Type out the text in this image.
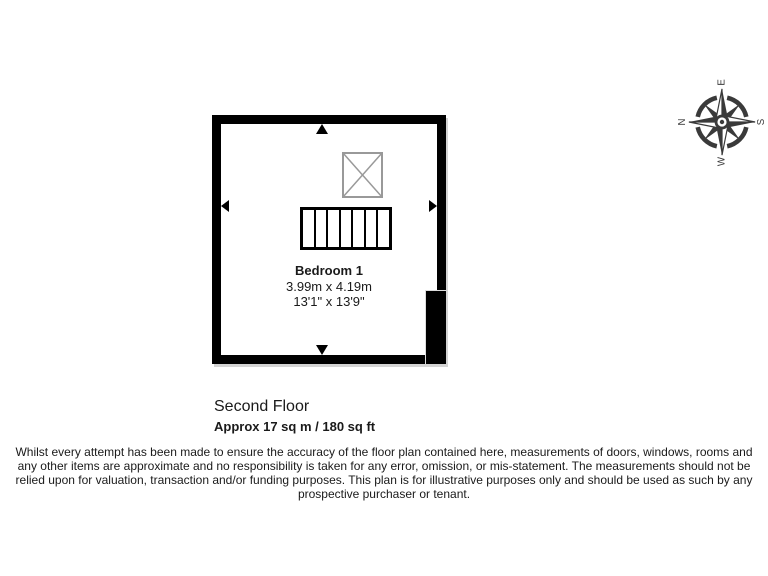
E
N	S
W
Bedroom 1
3.99m x 4.19m
13'1" x 13'9"
Second Floor
Approx 17 sq m / 180 sq ft
Whilst every attempt has been made to ensure the accuracy of the floor plan contained here, measurements of doors, windows, rooms and
any other items are approximate and no responsibility is taken for any error, omission, or mis-statement. The measurements should not be
relied upon for valuation, transaction and/or funding purposes. This plan is for illustrative purposes only and should be used as such by any
prospective purchaser or tenant.
